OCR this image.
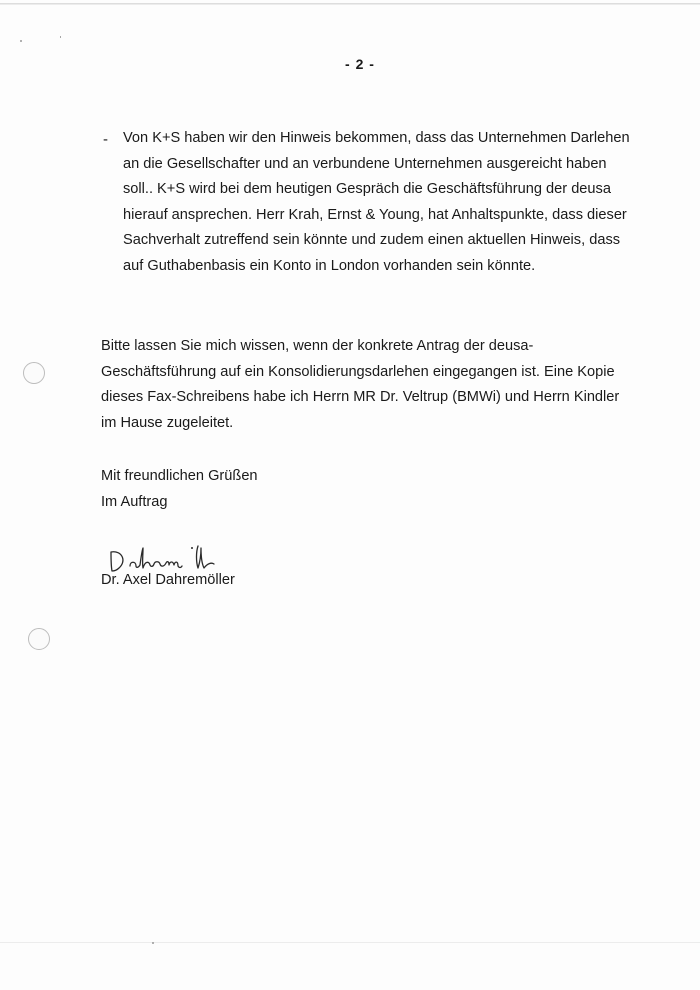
- 2 -
- Von K+S haben wir den Hinweis bekommen, dass das Unternehmen Darlehen
an die Gesellschafter und an verbundene Unternehmen ausgereicht haben
soll.. K+S wird bei dem heutigen Gespräch die Geschäftsführung der deusa
hierauf ansprechen. Herr Krah, Ernst & Young, hat Anhaltspunkte, dass dieser
Sachverhalt zutreffend sein könnte und zudem einen aktuellen Hinweis, dass
auf Guthabenbasis ein Konto in London vorhanden sein könnte.
Bitte lassen Sie mich wissen, wenn der konkrete Antrag der deusa-
Geschäftsführung auf ein Konsolidierungsdarlehen eingegangen ist. Eine Kopie
dieses Fax-Schreibens habe ich Herrn MR Dr. Veltrup (BMWi) und Herrn Kindler
im Hause zugeleitet.
Mit freundlichen Grüßen
Im Auftrag
Dr. Axel Dahremöller
